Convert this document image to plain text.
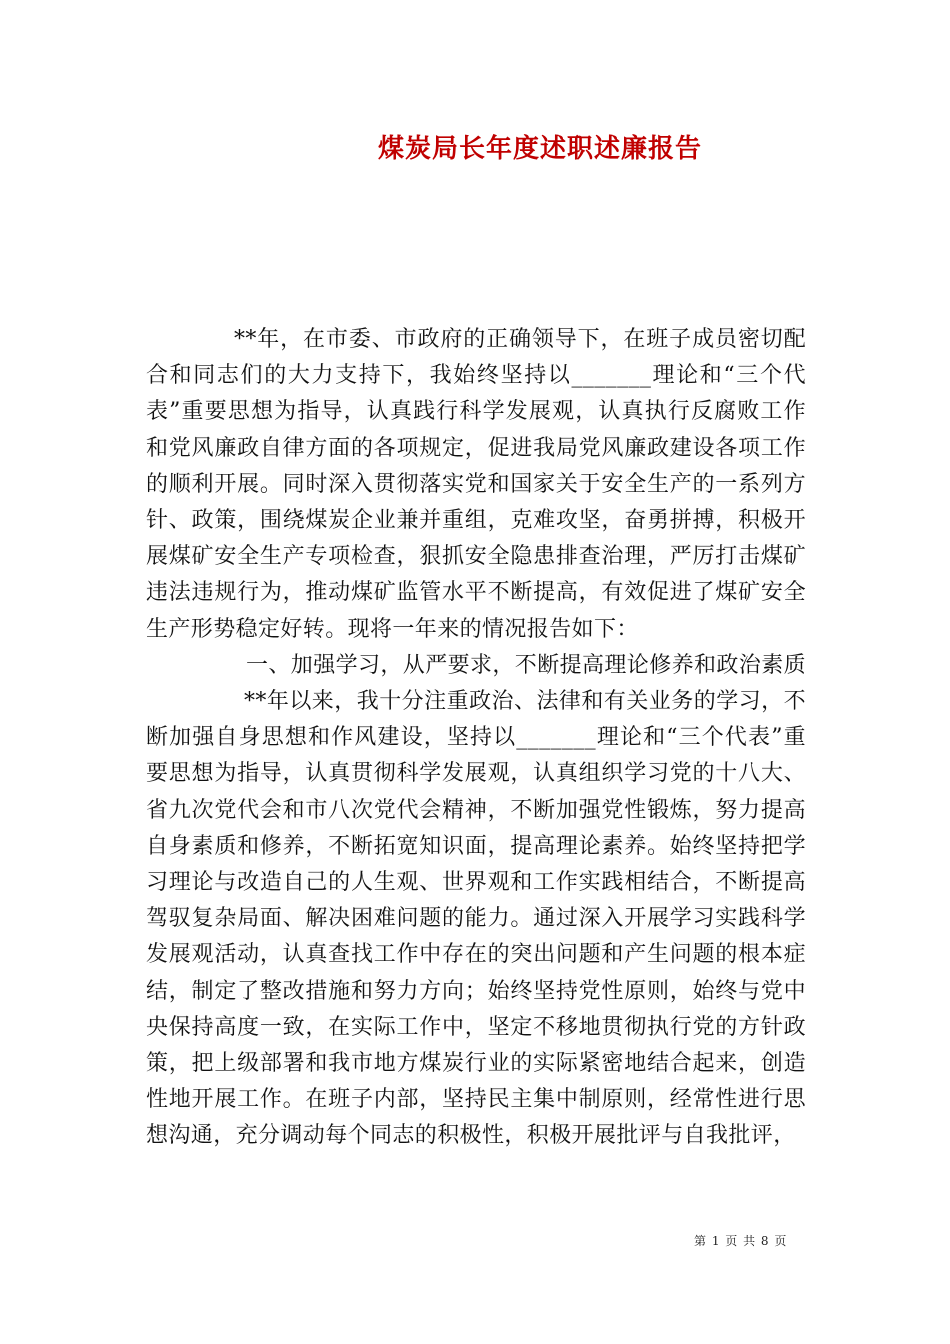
煤炭局长年度述职述廉报告

**年，在市委、市政府的正确领导下，在班子成员密切配合和同志们的大力支持下，我始终坚持以_______理论和“三个代表”重要思想为指导，认真践行科学发展观，认真执行反腐败工作和党风廉政自律方面的各项规定，促进我局党风廉政建设各项工作的顺利开展。同时深入贯彻落实党和国家关于安全生产的一系列方针、政策，围绕煤炭企业兼并重组，克难攻坚，奋勇拼搏，积极开展煤矿安全生产专项检查，狠抓安全隐患排查治理，严厉打击煤矿违法违规行为，推动煤矿监管水平不断提高，有效促进了煤矿安全生产形势稳定好转。现将一年来的情况报告如下：

一、加强学习，从严要求，不断提高理论修养和政治素质

**年以来，我十分注重政治、法律和有关业务的学习，不断加强自身思想和作风建设，坚持以_______理论和“三个代表”重要思想为指导，认真贯彻科学发展观，认真组织学习党的十八大、省九次党代会和市八次党代会精神，不断加强党性锻炼，努力提高自身素质和修养，不断拓宽知识面，提高理论素养。始终坚持把学习理论与改造自己的人生观、世界观和工作实践相结合，不断提高驾驭复杂局面、解决困难问题的能力。通过深入开展学习实践科学发展观活动，认真查找工作中存在的突出问题和产生问题的根本症结，制定了整改措施和努力方向；始终坚持党性原则，始终与党中央保持高度一致，在实际工作中，坚定不移地贯彻执行党的方针政策，把上级部署和我市地方煤炭行业的实际紧密地结合起来，创造性地开展工作。在班子内部，坚持民主集中制原则，经常性进行思想沟通，充分调动每个同志的积极性，积极开展批评与自我批评，

第 1 页 共 8 页
